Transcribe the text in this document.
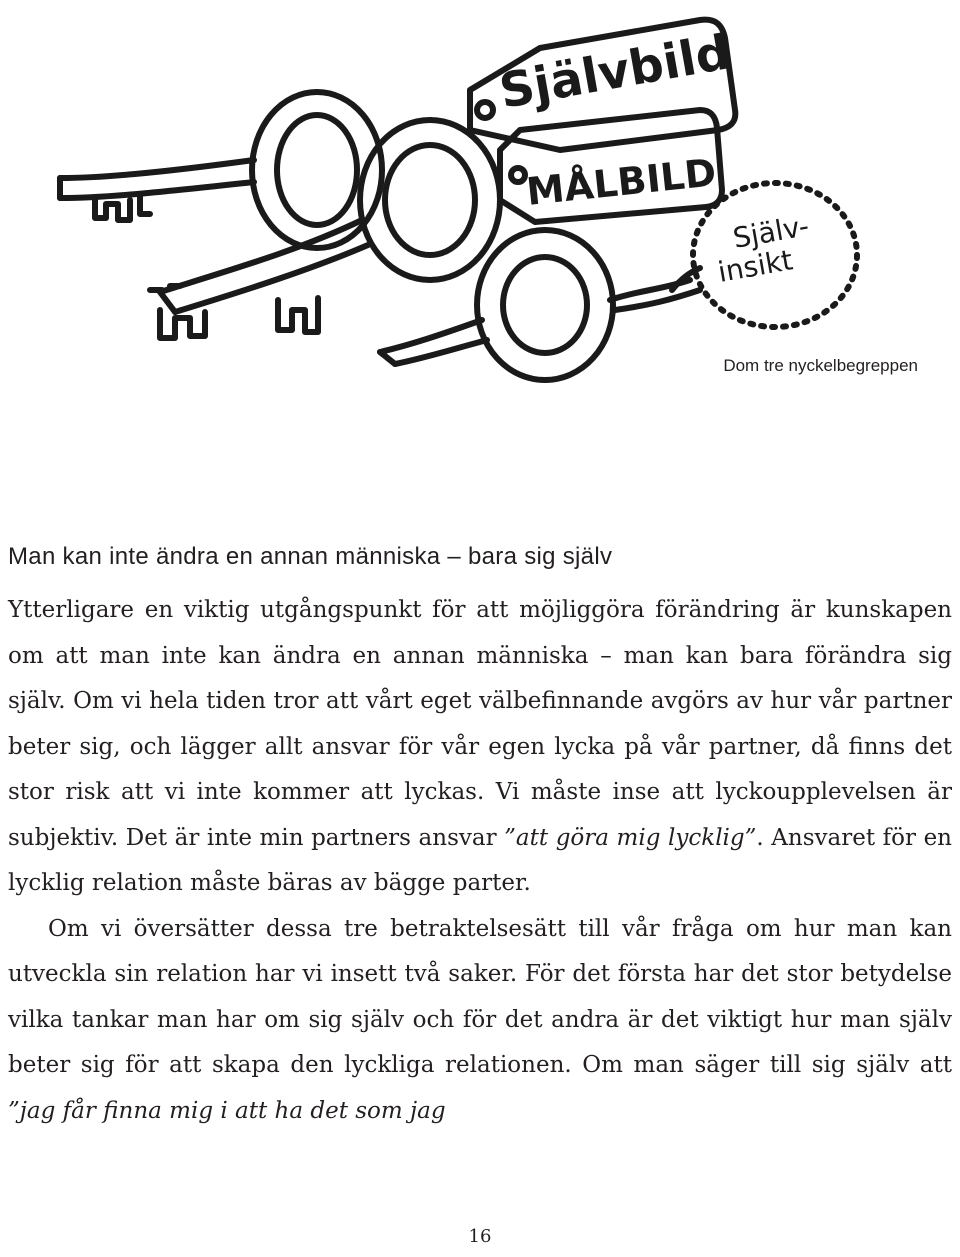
Självbild
MÅLBILD
Själv-
insikt
Dom tre nyckelbegreppen
Man kan inte ändra en annan människa – bara sig själv

Ytterligare en viktig utgångspunkt för att möjliggöra förändring är kunskapen om att man inte kan ändra en annan människa – man kan bara förändra sig själv. Om vi hela tiden tror att vårt eget välbefinnande avgörs av hur vår partner beter sig, och lägger allt ansvar för vår egen lycka på vår partner, då finns det stor risk att vi inte kommer att lyckas. Vi måste inse att lyckoupplevelsen är subjektiv. Det är inte min partners ansvar ”att göra mig lycklig”. Ansvaret för en lycklig relation måste bäras av bägge parter.

Om vi översätter dessa tre betraktelsesätt till vår fråga om hur man kan utveckla sin relation har vi insett två saker. För det första har det stor betydelse vilka tankar man har om sig själv och för det andra är det viktigt hur man själv beter sig för att skapa den lyckliga relationen. Om man säger till sig själv att ”jag får finna mig i att ha det som jag

16
